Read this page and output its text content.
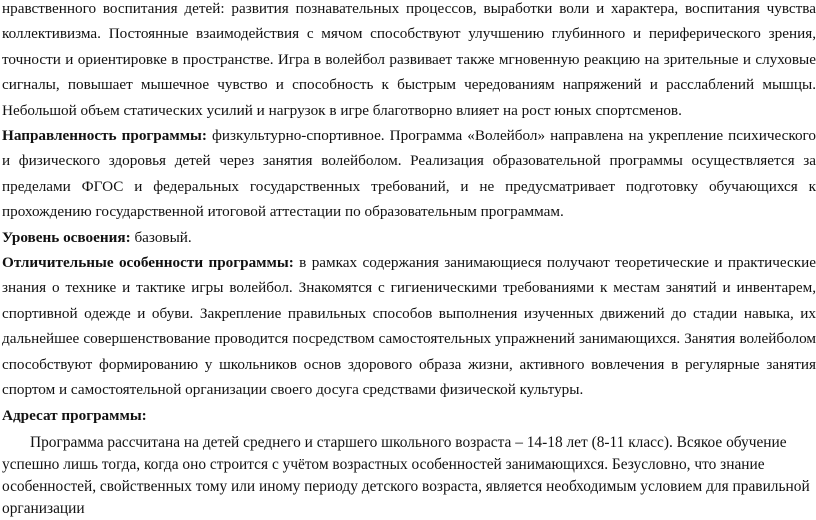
нравственного воспитания детей: развития познавательных процессов, выработки воли и характера, воспитания чувства коллективизма. Постоянные взаимодействия с мячом способствуют улучшению глубинного и периферического зрения, точности и ориентировке в пространстве. Игра в волейбол развивает также мгновенную реакцию на зрительные и слуховые сигналы, повышает мышечное чувство и способность к быстрым чередованиям напряжений и расслаблений мышцы. Небольшой объем статических усилий и нагрузок в игре благотворно влияет на рост юных спортсменов.

Направленность программы: физкультурно-спортивное. Программа «Волейбол» направлена на укрепление психического и физического здоровья детей через занятия волейболом. Реализация образовательной программы осуществляется за пределами ФГОС и федеральных государственных требований, и не предусматривает подготовку обучающихся к прохождению государственной итоговой аттестации по образовательным программам.

Уровень освоения: базовый.

Отличительные особенности программы: в рамках содержания занимающиеся получают теоретические и практические знания о технике и тактике игры волейбол. Знакомятся с гигиеническими требованиями к местам занятий и инвентарем, спортивной одежде и обуви. Закрепление правильных способов выполнения изученных движений до стадии навыка, их дальнейшее совершенствование проводится посредством самостоятельных упражнений занимающихся. Занятия волейболом способствуют формированию у школьников основ здорового образа жизни, активного вовлечения в регулярные занятия спортом и самостоятельной организации своего досуга средствами физической культуры.

Адресат программы:

Программа рассчитана на детей среднего и старшего школьного возраста – 14-18 лет (8-11 класс). Всякое обучение успешно лишь тогда, когда оно строится с учётом возрастных особенностей занимающихся. Безусловно, что знание особенностей, свойственных тому или иному периоду детского возраста, является необходимым условием для правильной организации
